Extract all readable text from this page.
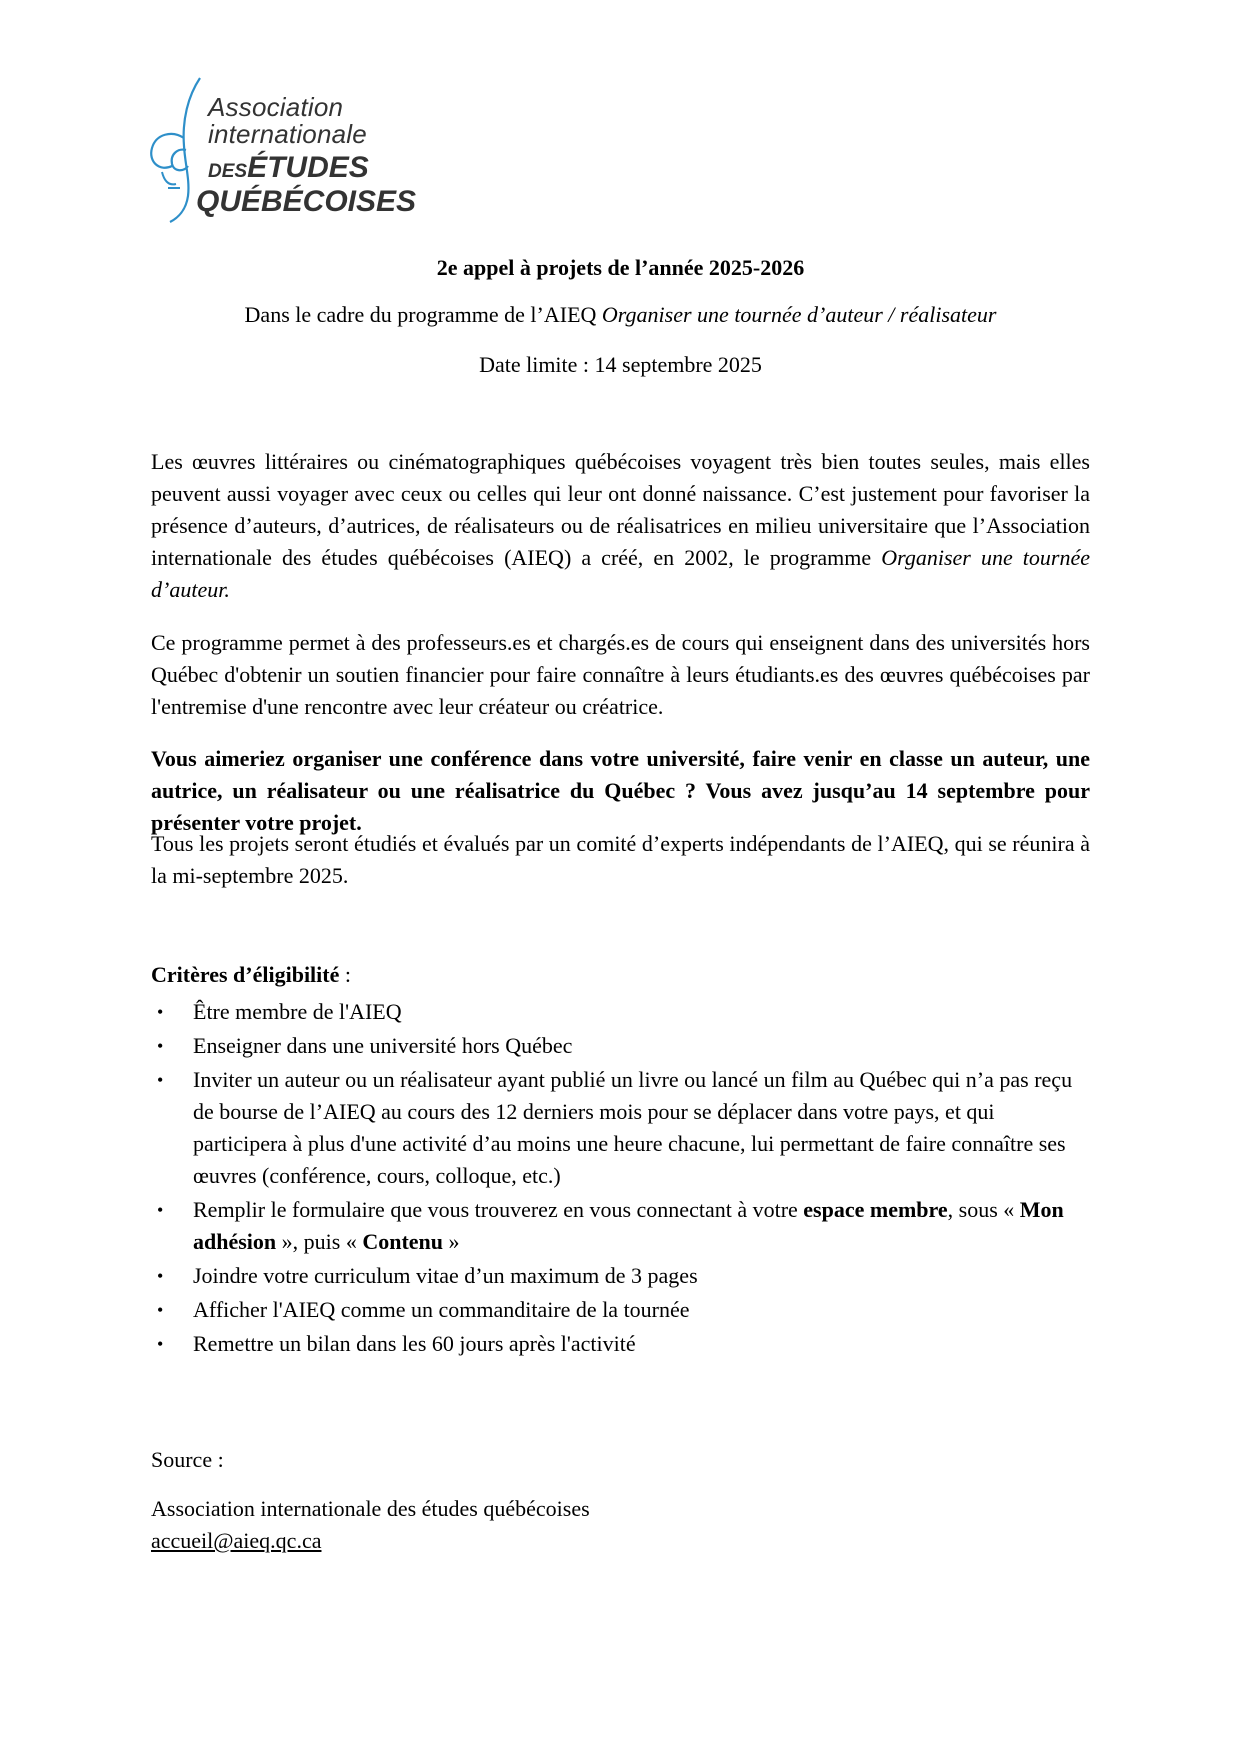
Association
internationale
DESÉTUDES
QUÉBÉCOISES
2e appel à projets de l’année 2025-2026
Dans le cadre du programme de l’AIEQ Organiser une tournée d’auteur / réalisateur
Date limite : 14 septembre 2025

Les œuvres littéraires ou cinématographiques québécoises voyagent très bien toutes seules, mais elles peuvent aussi voyager avec ceux ou celles qui leur ont donné naissance. C’est justement pour favoriser la présence d’auteurs, d’autrices, de réalisateurs ou de réalisatrices en milieu universitaire que l’Association internationale des études québécoises (AIEQ) a créé, en 2002, le programme Organiser une tournée d’auteur.

Ce programme permet à des professeurs.es et chargés.es de cours qui enseignent dans des universités hors Québec d'obtenir un soutien financier pour faire connaître à leurs étudiants.es des œuvres québécoises par l'entremise d'une rencontre avec leur créateur ou créatrice.

Vous aimeriez organiser une conférence dans votre université, faire venir en classe un auteur, une autrice, un réalisateur ou une réalisatrice du Québec ? Vous avez jusqu’au 14 septembre pour présenter votre projet.

Tous les projets seront étudiés et évalués par un comité d’experts indépendants de l’AIEQ, qui se réunira à la mi-septembre 2025.

Critères d’éligibilité :
• Être membre de l'AIEQ
• Enseigner dans une université hors Québec
• Inviter un auteur ou un réalisateur ayant publié un livre ou lancé un film au Québec qui n’a pas reçu de bourse de l’AIEQ au cours des 12 derniers mois pour se déplacer dans votre pays, et qui participera à plus d'une activité d’au moins une heure chacune, lui permettant de faire connaître ses œuvres (conférence, cours, colloque, etc.)
• Remplir le formulaire que vous trouverez en vous connectant à votre espace membre, sous « Mon adhésion », puis « Contenu »
• Joindre votre curriculum vitae d’un maximum de 3 pages
• Afficher l'AIEQ comme un commanditaire de la tournée
• Remettre un bilan dans les 60 jours après l'activité
Source :
Association internationale des études québécoises
accueil@aieq.qc.ca
